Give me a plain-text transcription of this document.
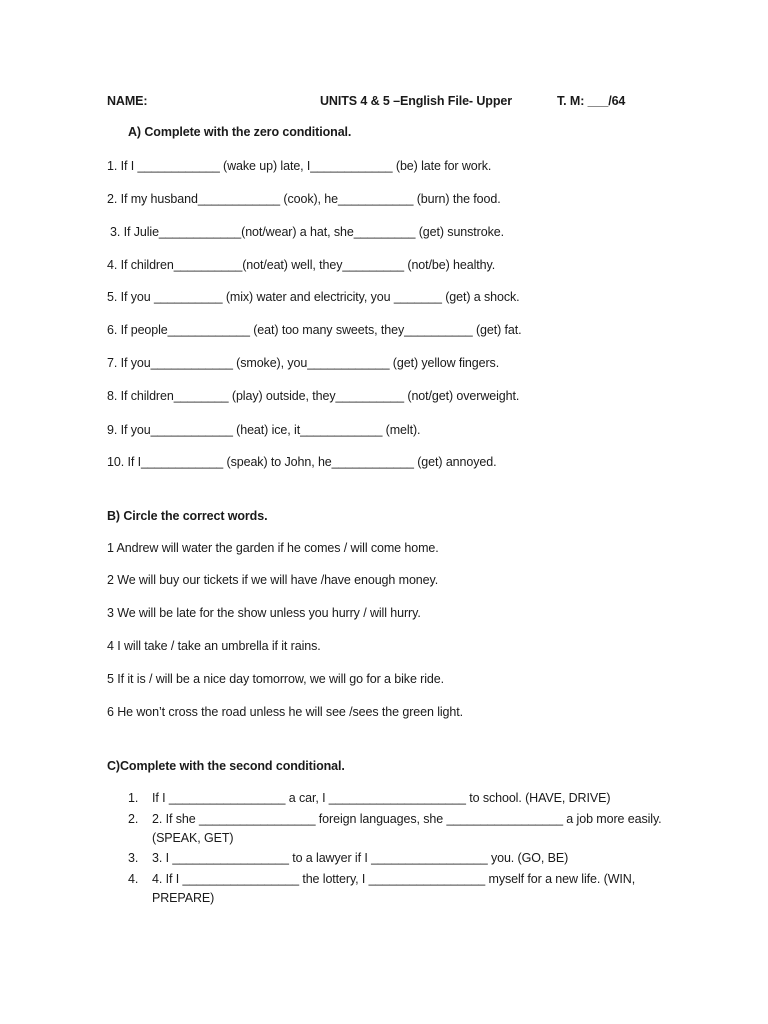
NAME:	UNITS 4 & 5 –English File- Upper	T. M: ___/64
A) Complete with the zero conditional.
1. If I ____________ (wake up) late, I____________ (be) late for work.
2. If my husband____________ (cook), he___________ (burn) the food.
3. If Julie____________(not/wear) a hat, she_________ (get) sunstroke.
4. If children__________(not/eat) well, they_________ (not/be) healthy.
5. If you __________ (mix) water and electricity, you _______ (get) a shock.
6. If people____________ (eat) too many sweets, they__________ (get) fat.
7. If you____________ (smoke), you____________ (get) yellow fingers.
8. If children________ (play) outside, they__________ (not/get) overweight.
9. If you____________ (heat) ice, it____________ (melt).
10. If I____________ (speak) to John, he____________ (get) annoyed.
B) Circle the correct words.
1 Andrew will water the garden if he comes / will come home.
2 We will buy our tickets if we will have /have enough money.
3 We will be late for the show unless you hurry / will hurry.
4 I will take / take an umbrella if it rains.
5 If it is / will be a nice day tomorrow, we will go for a bike ride.
6 He won’t cross the road unless he will see /sees the green light.
C)Complete with the second conditional.
1.	If I _________________ a car, I ____________________ to school. (HAVE, DRIVE)
2.	2. If she _________________ foreign languages, she _________________ a job more easily.(SPEAK, GET)
3.	3. I _________________ to a lawyer if I _________________ you. (GO, BE)
4.	4. If I _________________ the lottery, I _________________ myself for a new life. (WIN, PREPARE)
